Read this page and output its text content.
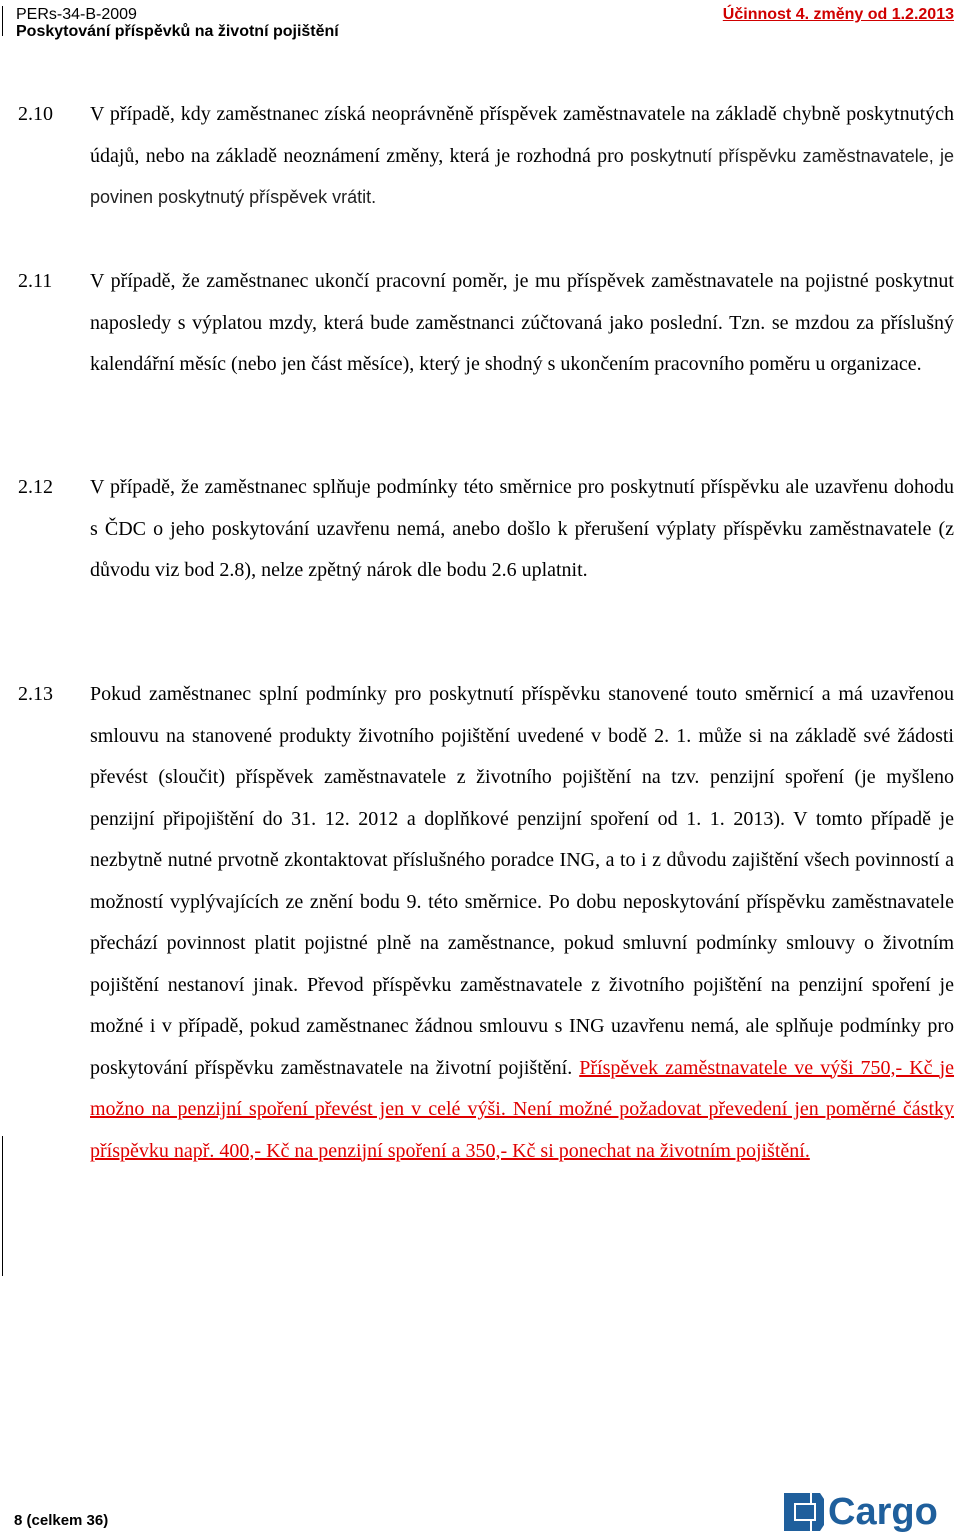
PERs-34-B-2009
Poskytování příspěvků na životní pojištění
Účinnost 4. změny od 1.2.2013
2.10 V případě, kdy zaměstnanec získá neoprávněně příspěvek zaměstnavatele na základě chybně poskytnutých údajů, nebo na základě neoznámení změny, která je rozhodná pro poskytnutí příspěvku zaměstnavatele, je povinen poskytnutý příspěvek vrátit.
2.11 V případě, že zaměstnanec ukončí pracovní poměr, je mu příspěvek zaměstnavatele na pojistné poskytnut naposledy s výplatou mzdy, která bude zaměstnanci zúčtovaná jako poslední. Tzn. se mzdou za příslušný kalendářní měsíc (nebo jen část měsíce), který je shodný s ukončením pracovního poměru u organizace.
2.12 V případě, že zaměstnanec splňuje podmínky této směrnice pro poskytnutí příspěvku ale uzavřenu dohodu s ČDC o jeho poskytování uzavřenu nemá, anebo došlo k přerušení výplaty příspěvku zaměstnavatele (z důvodu viz bod 2.8), nelze zpětný nárok dle bodu 2.6 uplatnit.
2.13 Pokud zaměstnanec splní podmínky pro poskytnutí příspěvku stanovené touto směrnicí a má uzavřenou smlouvu na stanovené produkty životního pojištění uvedené v bodě 2. 1. může si na základě své žádosti převést (sloučit) příspěvek zaměstnavatele z životního pojištění na tzv. penzijní spoření (je myšleno penzijní připojištění do 31. 12. 2012 a doplňkové penzijní spoření od 1. 1. 2013). V tomto případě je nezbytně nutné prvotně zkontaktovat příslušného poradce ING, a to i z důvodu zajištění všech povinností a možností vyplývajících ze znění bodu 9. této směrnice. Po dobu neposkytování příspěvku zaměstnavatele přechází povinnost platit pojistné plně na zaměstnance, pokud smluvní podmínky smlouvy o životním pojištění nestanoví jinak. Převod příspěvku zaměstnavatele z životního pojištění na penzijní spoření je možné i v případě, pokud zaměstnanec žádnou smlouvu s ING uzavřenu nemá, ale splňuje podmínky pro poskytování příspěvku zaměstnavatele na životní pojištění. Příspěvek zaměstnavatele ve výši 750,- Kč je možno na penzijní spoření převést jen v celé výši. Není možné požadovat převedení jen poměrné částky příspěvku např. 400,- Kč na penzijní spoření a 350,- Kč si ponechat na životním pojištění.
8 (celkem 36)	Cargo
